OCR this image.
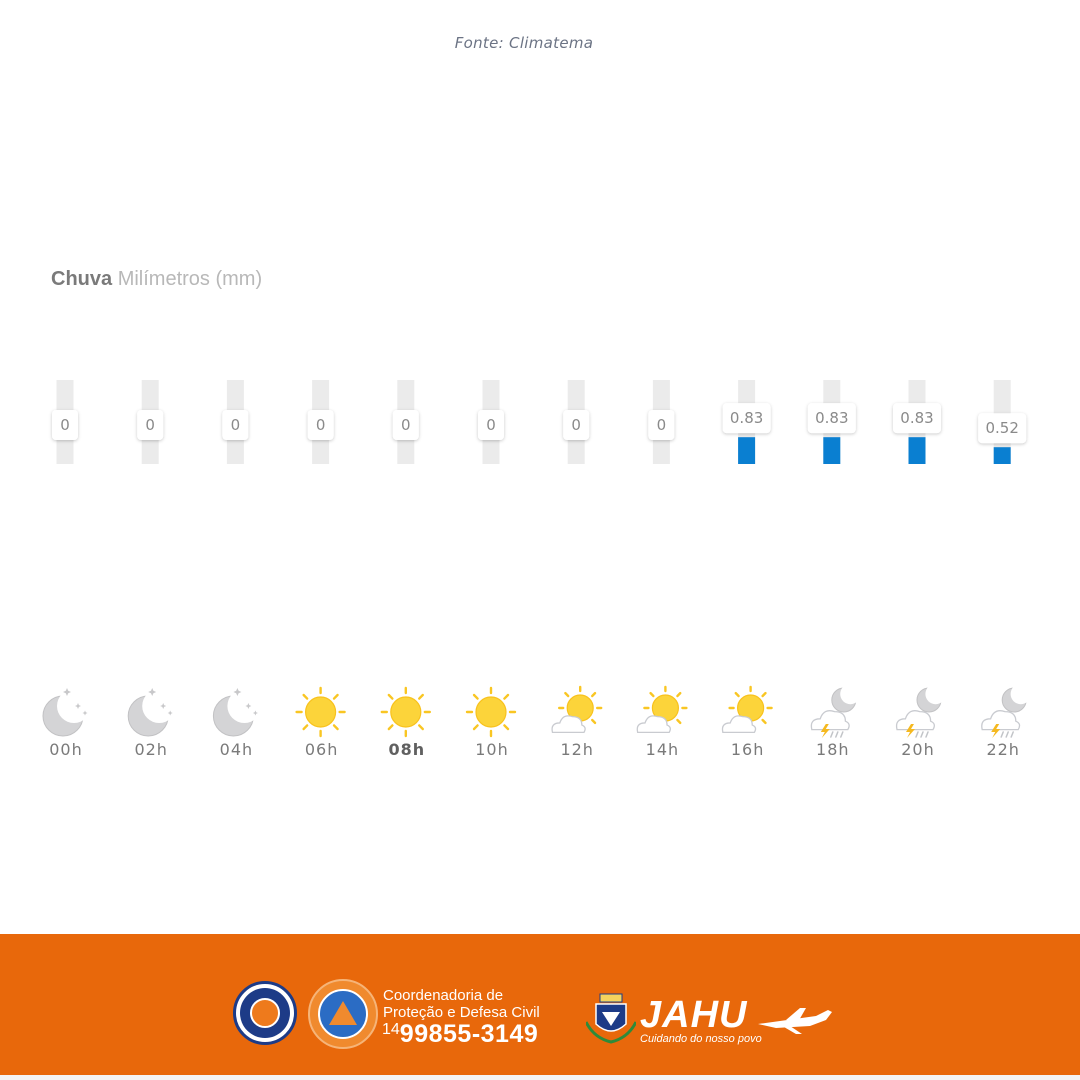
Fonte: Climatema
Chuva Milímetros (mm)
0	0	0	0	0	0	0	0	0.83	0.83	0.83
0.52
00h	02h	04h	06h	08h	10h	12h	14h	16h	18h	20h	22h
Coordenadoria de
Proteção e Defesa Civil
1499855-3149	JAHU
Cuidando do nosso povo
